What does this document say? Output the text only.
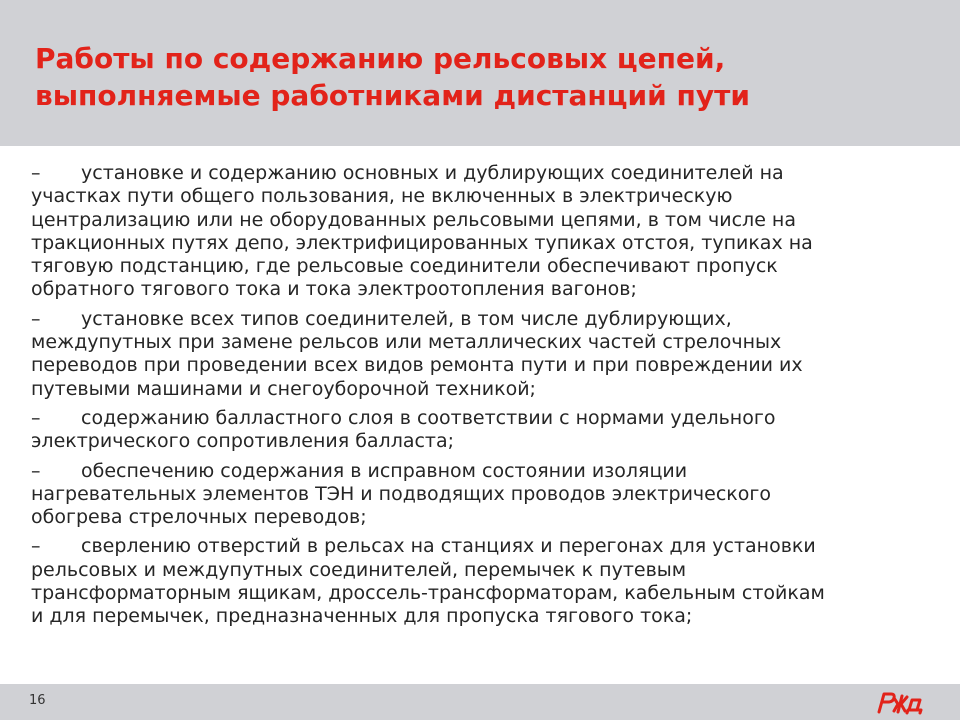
Работы по содержанию рельсовых цепей,
выполняемые работниками дистанций пути
– установке и содержанию основных и дублирующих соединителей на
участках пути общего пользования, не включенных в электрическую
централизацию или не оборудованных рельсовыми цепями, в том числе на
тракционных путях депо, электрифицированных тупиках отстоя, тупиках на
тяговую подстанцию, где рельсовые соединители обеспечивают пропуск
обратного тягового тока и тока электроотопления вагонов;
– установке всех типов соединителей, в том числе дублирующих,
междупутных при замене рельсов или металлических частей стрелочных
переводов при проведении всех видов ремонта пути и при повреждении их
путевыми машинами и снегоуборочной техникой;
– содержанию балластного слоя в соответствии с нормами удельного
электрического сопротивления балласта;
– обеспечению содержания в исправном состоянии изоляции
нагревательных элементов ТЭН и подводящих проводов электрического
обогрева стрелочных переводов;
– сверлению отверстий в рельсах на станциях и перегонах для установки
рельсовых и междупутных соединителей, перемычек к путевым
трансформаторным ящикам, дроссель-трансформаторам, кабельным стойкам
и для перемычек, предназначенных для пропуска тягового тока;
16
